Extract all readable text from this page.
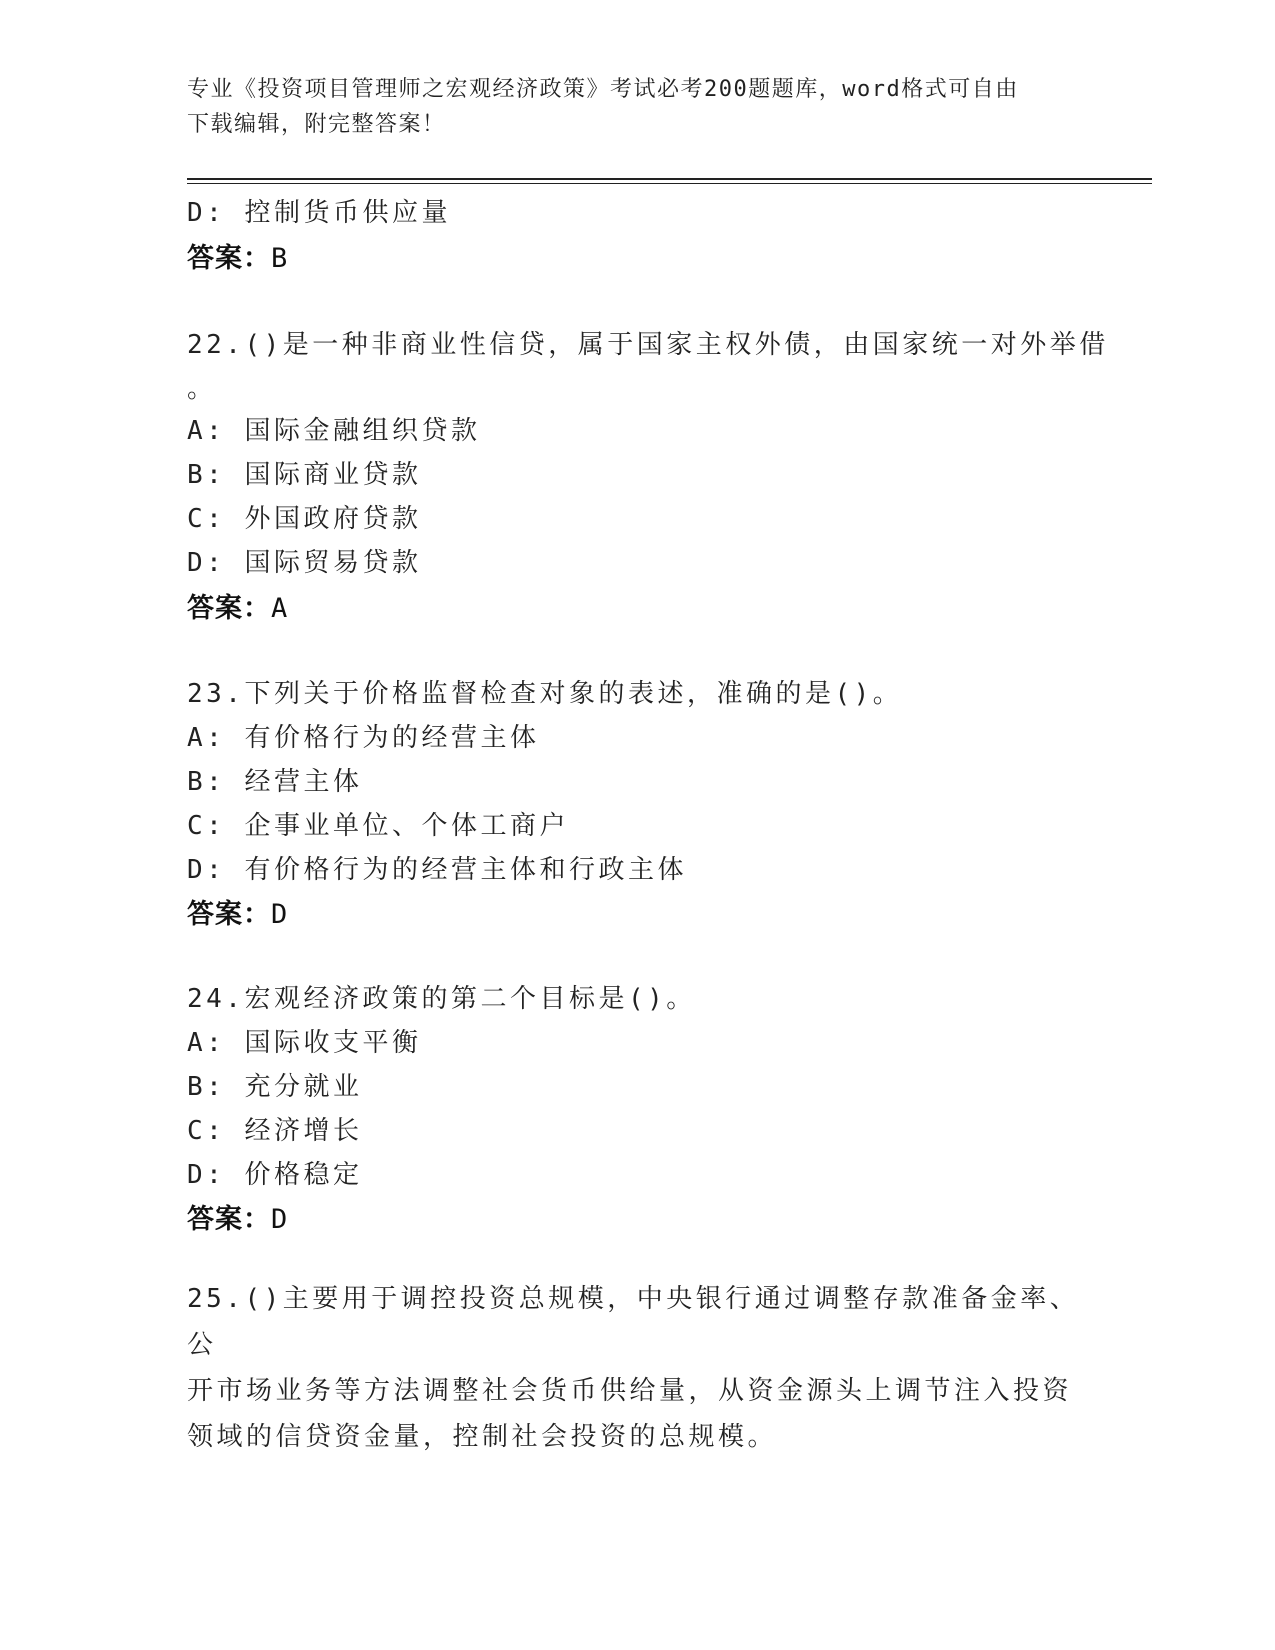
专业《投资项目管理师之宏观经济政策》考试必考200题题库，word格式可自由
下载编辑，附完整答案！
D: 控制货币供应量
答案：B
22.()是一种非商业性信贷，属于国家主权外债，由国家统一对外举借
。
A: 国际金融组织贷款
B: 国际商业贷款
C: 外国政府贷款
D: 国际贸易贷款
答案：A
23.下列关于价格监督检查对象的表述，准确的是()。
A: 有价格行为的经营主体
B: 经营主体
C: 企事业单位、个体工商户
D: 有价格行为的经营主体和行政主体
答案：D
24.宏观经济政策的第二个目标是()。
A: 国际收支平衡
B: 充分就业
C: 经济增长
D: 价格稳定
答案：D
25.()主要用于调控投资总规模，中央银行通过调整存款准备金率、公
开市场业务等方法调整社会货币供给量，从资金源头上调节注入投资
领域的信贷资金量，控制社会投资的总规模。
